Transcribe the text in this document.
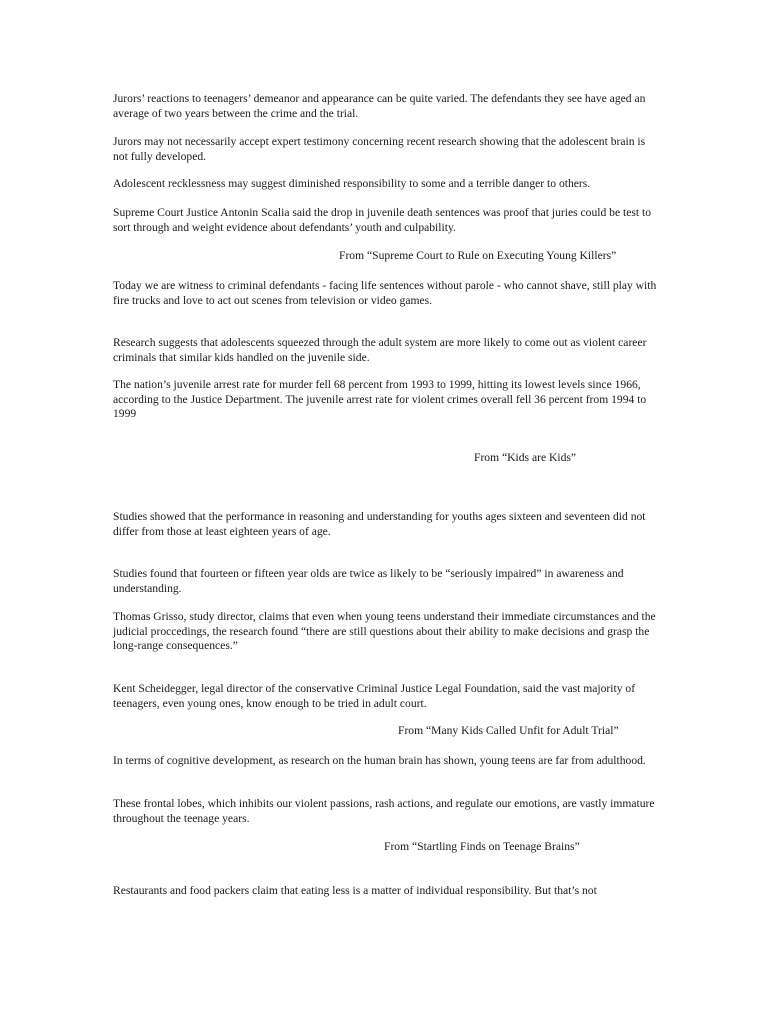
Jurors’ reactions to teenagers’ demeanor and appearance can be quite varied. The defendants they see have aged an average of two years between the crime and the trial.

Jurors may not necessarily accept expert testimony concerning recent research showing that the adolescent brain is not fully developed.

Adolescent recklessness may suggest diminished responsibility to some and a terrible danger to others.

Supreme Court Justice Antonin Scalia said the drop in juvenile death sentences was proof that juries could be test to sort through and weight evidence about defendants’ youth and culpability.

From “Supreme Court to Rule on Executing Young Killers”

Today we are witness to criminal defendants - facing life sentences without parole - who cannot shave, still play with fire trucks and love to act out scenes from television or video games.

Research suggests that adolescents squeezed through the adult system are more likely to come out as violent career criminals that similar kids handled on the juvenile side.

The nation’s juvenile arrest rate for murder fell 68 percent from 1993 to 1999, hitting its lowest levels since 1966, according to the Justice Department. The juvenile arrest rate for violent crimes overall fell 36 percent from 1994 to 1999

From “Kids are Kids”

Studies showed that the performance in reasoning and understanding for youths ages sixteen and seventeen did not differ from those at least eighteen years of age.

Studies found that fourteen or fifteen year olds are twice as likely to be “seriously impaired” in awareness and understanding.

Thomas Grisso, study director, claims that even when young teens understand their immediate circumstances and the judicial proccedings, the research found “there are still questions about their ability to make decisions and grasp the long-range consequences.”

Kent Scheidegger, legal director of the conservative Criminal Justice Legal Foundation, said the vast majority of teenagers, even young ones, know enough to be tried in adult court.

From “Many Kids Called Unfit for Adult Trial”

In terms of cognitive development, as research on the human brain has shown, young teens are far from adulthood.

These frontal lobes, which inhibits our violent passions, rash actions, and regulate our emotions, are vastly immature throughout the teenage years.

From “Startling Finds on Teenage Brains”

Restaurants and food packers claim that eating less is a matter of individual responsibility. But that’s not
